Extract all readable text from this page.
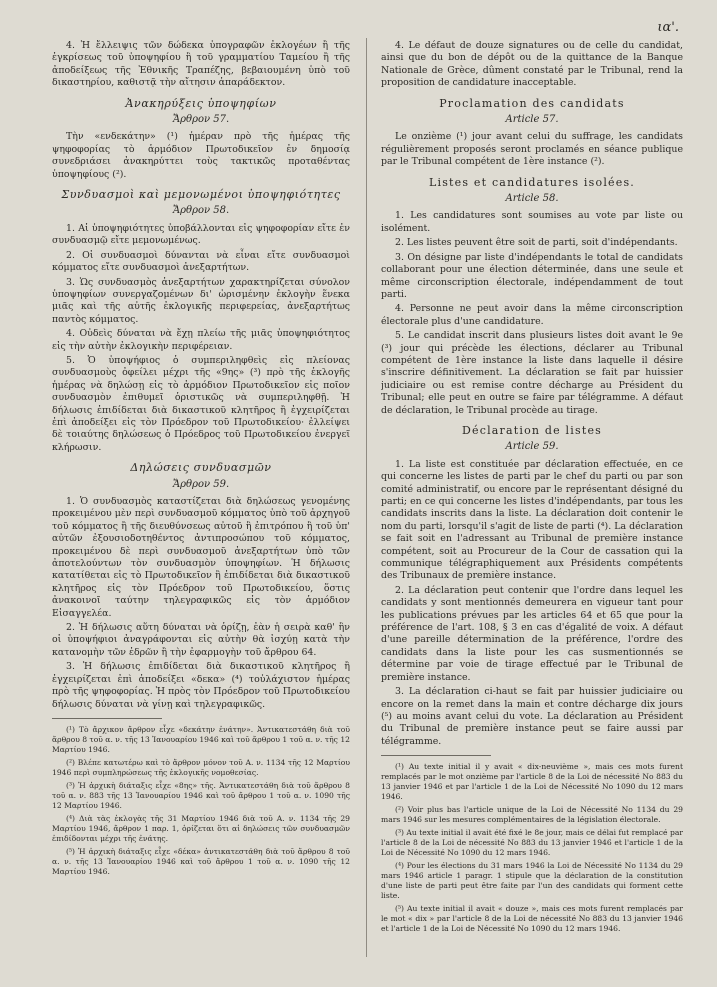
ια'.

4. Ἡ ἔλλειψις τῶν δώδεκα ὑπογραφῶν ἐκλογέων ἢ τῆς ἐγκρίσεως τοῦ ὑποψηφίου ἢ τοῦ γραμματίου Ταμείου ἢ τῆς ἀποδείξεως τῆς Ἐθνικῆς Τραπέζης, βεβαιουμένη ὑπὸ τοῦ δικαστηρίου, καθιστᾷ τὴν αἴτησιν ἀπαράδεκτον.

Ἀνακηρύξεις ὑποψηφίων
Ἄρθρον 57.

Τὴν «ενδεκάτην» (¹) ἡμέραν πρὸ τῆς ἡμέρας τῆς ψηφοφορίας τὸ ἁρμόδιον Πρωτοδικεῖον ἐν δημοσίᾳ συνεδριάσει ἀνακηρύττει τοὺς τακτικῶς προταθέντας ὑποψηφίους (²).

Συνδυασμοὶ καὶ μεμονωμένοι ὑποψηφιότητες
Ἄρθρον 58.

1. Αἱ ὑποψηφιότητες ὑποβάλλονται εἰς ψηφοφορίαν εἴτε ἐν συνδυασμῷ εἴτε μεμονωμένως.

2. Οἱ συνδυασμοὶ δύνανται νὰ εἶναι εἴτε συνδυασμοὶ κόμματος εἴτε συνδυασμοὶ ἀνεξαρτήτων.

3. Ὡς συνδυασμὸς ἀνεξαρτήτων χαρακτηρίζεται σύνολον ὑποψηφίων συνεργαζομένων δι' ὡρισμένην ἐκλογὴν ἕνεκα μιᾶς καὶ τῆς αὐτῆς ἐκλογικῆς περιφερείας, ἀνεξαρτήτως παντὸς κόμματος.

4. Οὐδεὶς δύναται νὰ ἔχῃ πλείω τῆς μιᾶς ὑποψηφιότητος εἰς τὴν αὐτὴν ἐκλογικὴν περιφέρειαν.

5. Ὁ ὑποψήφιος ὁ συμπεριληφθεὶς εἰς πλείονας συνδυασμοὺς ὀφείλει μέχρι τῆς «9ης» (³) πρὸ τῆς ἐκλογῆς ἡμέρας νὰ δηλώσῃ εἰς τὸ ἁρμόδιον Πρωτοδικεῖον εἰς ποῖον συνδυασμὸν ἐπιθυμεῖ ὁριστικῶς νὰ συμπεριληφθῇ. Ἡ δήλωσις ἐπιδίδεται διὰ δικαστικοῦ κλητῆρος ἢ ἐγχειρίζεται ἐπὶ ἀποδείξει εἰς τὸν Πρόεδρον τοῦ Πρωτοδικείου· ἐλλείψει δὲ τοιαύτης δηλώσεως ὁ Πρόεδρος τοῦ Πρωτοδικείου ἐνεργεῖ κλήρωσιν.

Δηλώσεις συνδυασμῶν
Ἄρθρον 59.

1. Ὁ συνδυασμὸς καταστίζεται διὰ δηλώσεως γενομένης προκειμένου μὲν περὶ συνδυασμοῦ κόμματος ὑπὸ τοῦ ἀρχηγοῦ τοῦ κόμματος ἢ τῆς διευθύνσεως αὐτοῦ ἢ ἐπιτρόπου ἢ τοῦ ὑπ' αὐτῶν ἐξουσιοδοτηθέντος ἀντιπροσώπου τοῦ κόμματος, προκειμένου δὲ περὶ συνδυασμοῦ ἀνεξαρτήτων ὑπὸ τῶν ἀποτελούντων τὸν συνδυασμὸν ὑποψηφίων. Ἡ δήλωσις κατατίθεται εἰς τὸ Πρωτοδικεῖον ἢ ἐπιδίδεται διὰ δικαστικοῦ κλητῆρος εἰς τὸν Πρόεδρον τοῦ Πρωτοδικείου, ὅστις ἀνακοινοῖ ταύτην τηλεγραφικῶς εἰς τὸν ἁρμόδιον Εἰσαγγελέα.

2. Ἡ δήλωσις αὕτη δύναται νὰ ὁρίζῃ, ἐὰν ἡ σειρὰ καθ' ἣν οἱ ὑποψήφιοι ἀναγράφονται εἰς αὐτὴν θὰ ἰσχύῃ κατὰ τὴν κατανομὴν τῶν ἐδρῶν ἢ τὴν ἐφαρμογὴν τοῦ ἄρθρου 64.

3. Ἡ δήλωσις ἐπιδίδεται διὰ δικαστικοῦ κλητῆρος ἢ ἐγχειρίζεται ἐπὶ ἀποδείξει «δεκα» (⁴) τοὐλάχιστον ἡμέρας πρὸ τῆς ψηφοφορίας. Ἡ πρὸς τὸν Πρόεδρον τοῦ Πρωτοδικείου δήλωσις δύναται νὰ γίνῃ καὶ τηλεγραφικῶς.

(¹) Τὸ ἄρχικον ἄρθρον εἶχε «δεκάτην ἐνάτην». Ἀντικατεστάθη διὰ τοῦ ἄρθρου 8 τοῦ α. ν. τῆς 13 Ἰανουαρίου 1946 καὶ τοῦ ἄρθρου 1 τοῦ α. ν. τῆς 12 Μαρτίου 1946.

(²) Βλέπε κατωτέρω καὶ τὸ ἄρθρον μόνον τοῦ Α. ν. 1134 τῆς 12 Μαρτίου 1946 περὶ συμπληρώσεως τῆς ἐκλογικῆς νομοθεσίας.

(³) Ἡ ἀρχικὴ διάταξις εἶχε «8ης» τῆς. Ἀντικατεστάθη διὰ τοῦ ἄρθρου 8 τοῦ α. ν. 883 τῆς 13 Ἰανουαρίου 1946 καὶ τοῦ ἄρθρου 1 τοῦ α. ν. 1090 τῆς 12 Μαρτίου 1946.

(⁴) Διὰ τὰς ἐκλογὰς τῆς 31 Μαρτίου 1946 διὰ τοῦ Α. ν. 1134 τῆς 29 Μαρτίου 1946, ἄρθρον 1 παρ. 1, ὁρίζεται ὅτι αἱ δηλώσεις τῶν συνδυασμῶν ἐπιδίδονται μέχρι τῆς ἐνάτης.

(⁵) Ἡ ἀρχικὴ διάταξις εἶχε «δέκα» ἀντικατεστάθη διὰ τοῦ ἄρθρου 8 τοῦ α. ν. τῆς 13 Ἰανουαρίου 1946 καὶ τοῦ ἄρθρου 1 τοῦ α. ν. 1090 τῆς 12 Μαρτίου 1946.

4. Le défaut de douze signatures ou de celle du candidat, ainsi que du bon de dépôt ou de la quittance de la Banque Nationale de Grèce, dûment constaté par le Tribunal, rend la proposition de candidature inacceptable.

Proclamation des candidats
Article 57.

Le onzième (¹) jour avant celui du suffrage, les candidats régulièrement proposés seront proclamés en séance publique par le Tribunal compétent de 1ère instance (²).

Listes et candidatures isolées.
Article 58.

1. Les candidatures sont soumises au vote par liste ou isolément.

2. Les listes peuvent être soit de parti, soit d'indépendants.

3. On désigne par liste d'indépendants le total de candidats collaborant pour une élection déterminée, dans une seule et même circonscription électorale, indépendamment de tout parti.

4. Personne ne peut avoir dans la même circonscription électorale plus d'une candidature.

5. Le candidat inscrit dans plusieurs listes doit avant le 9e (³) jour qui précède les élections, déclarer au Tribunal compétent de 1ère instance la liste dans laquelle il désire s'inscrire définitivement. La déclaration se fait par huissier judiciaire ou est remise contre décharge au Président du Tribunal; elle peut en outre se faire par télégramme. A défaut de déclaration, le Tribunal procède au tirage.

Déclaration de listes
Article 59.

1. La liste est constituée par déclaration effectuée, en ce qui concerne les listes de parti par le chef du parti ou par son comité administratif, ou encore par le représentant désigné du parti; en ce qui concerne les listes d'indépendants, par tous les candidats inscrits dans la liste. La déclaration doit contenir le nom du parti, lorsqu'il s'agit de liste de parti (⁴). La déclaration se fait soit en l'adressant au Tribunal de première instance compétent, soit au Procureur de la Cour de cassation qui la communique télégraphiquement aux Présidents compétents des Tribunaux de première instance.

2. La déclaration peut contenir que l'ordre dans lequel les candidats y sont mentionnés demeurera en vigueur tant pour les publications prévues par les articles 64 et 65 que pour la préférence de l'art. 108, § 3 en cas d'égalité de voix. A défaut d'une pareille détermination de la préférence, l'ordre des candidats dans la liste pour les cas susmentionnés se détermine par voie de tirage effectué par le Tribunal de première instance.

3. La déclaration ci-haut se fait par huissier judiciaire ou encore on la remet dans la main et contre décharge dix jours (⁵) au moins avant celui du vote. La déclaration au Président du Tribunal de première instance peut se faire aussi par télégramme.

(¹) Au texte initial il y avait « dix-neuvième », mais ces mots furent remplacés par le mot onzième par l'article 8 de la Loi de nécessité No 883 du 13 janvier 1946 et par l'article 1 de la Loi de Nécessité No 1090 du 12 mars 1946.

(²) Voir plus bas l'article unique de la Loi de Nécessité No 1134 du 29 mars 1946 sur les mesures complémentaires de la législation électorale.

(³) Au texte initial il avait été fixé le 8e jour, mais ce délai fut remplacé par l'article 8 de la Loi de nécessité No 883 du 13 janvier 1946 et l'article 1 de la Loi de Nécessité No 1090 du 12 mars 1946.

(⁴) Pour les élections du 31 mars 1946 la Loi de Nécessité No 1134 du 29 mars 1946 article 1 paragr. 1 stipule que la déclaration de la constitution d'une liste de parti peut être faite par l'un des candidats qui forment cette liste.

(⁵) Au texte initial il avait « douze », mais ces mots furent remplacés par le mot « dix » par l'article 8 de la Loi de nécessité No 883 du 13 janvier 1946 et l'article 1 de la Loi de Nécessité No 1090 du 12 mars 1946.
